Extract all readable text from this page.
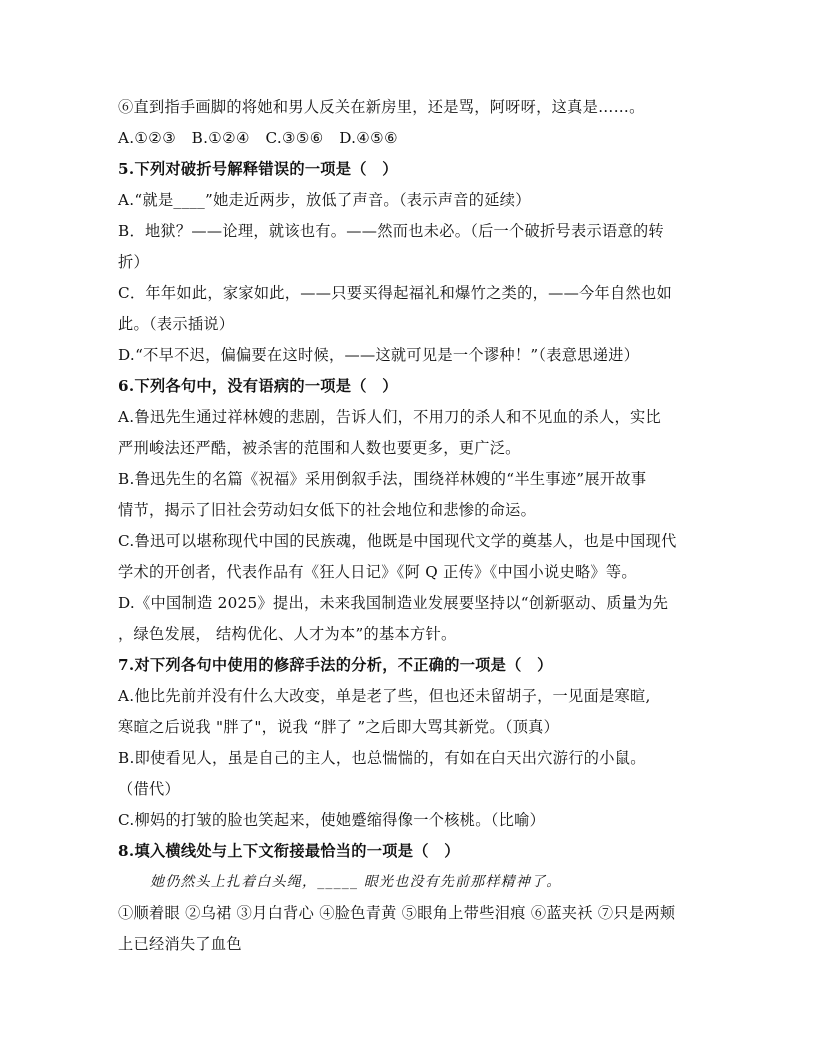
⑥直到指手画脚的将她和男人反关在新房里，还是骂，阿呀呀，这真是……。
A.①②③　B.①②④　C.③⑤⑥　D.④⑤⑥
5.下列对破折号解释错误的一项是（　）
A.“就是____”她走近两步，放低了声音。（表示声音的延续）
B．地狱？——论理，就该也有。——然而也未必。（后一个破折号表示语意的转
折）
C．年年如此，家家如此，——只要买得起福礼和爆竹之类的，——今年自然也如
此。（表示插说）
D.“不早不迟，偏偏要在这时候，——这就可见是一个谬种！”（表意思递进）
6.下列各句中，没有语病的一项是（　）
A.鲁迅先生通过祥林嫂的悲剧，告诉人们，不用刀的杀人和不见血的杀人，实比
严刑峻法还严酷，被杀害的范围和人数也要更多，更广泛。
B.鲁迅先生的名篇《祝福》采用倒叙手法，围绕祥林嫂的“半生事迹”展开故事
情节，揭示了旧社会劳动妇女低下的社会地位和悲惨的命运。
C.鲁迅可以堪称现代中国的民族魂，他既是中国现代文学的奠基人，也是中国现代
学术的开创者，代表作品有《狂人日记》《阿 Q 正传》《中国小说史略》等。
D.《中国制造 2025》提出，未来我国制造业发展要坚持以“创新驱动、质量为先
，绿色发展， 结构优化、人才为本”的基本方针。
7.对下列各句中使用的修辞手法的分析，不正确的一项是（　）
A.他比先前并没有什么大改变，单是老了些，但也还未留胡子，一见面是寒暄,
寒暄之后说我 "胖了"，说我 “胖了 ”之后即大骂其新党。（顶真）
B.即使看见人，虽是自己的主人，也总惴惴的，有如在白天出穴游行的小鼠。
（借代）
C.柳妈的打皱的脸也笑起来，使她蹙缩得像一个核桃。（比喻）
8.填入横线处与上下文衔接最恰当的一项是（　）
她仍然头上扎着白头绳，_____ 眼光也没有先前那样精神了。
①顺着眼 ②乌裙 ③月白背心 ④脸色青黄 ⑤眼角上带些泪痕 ⑥蓝夹袄 ⑦只是两颊
上已经消失了血色
